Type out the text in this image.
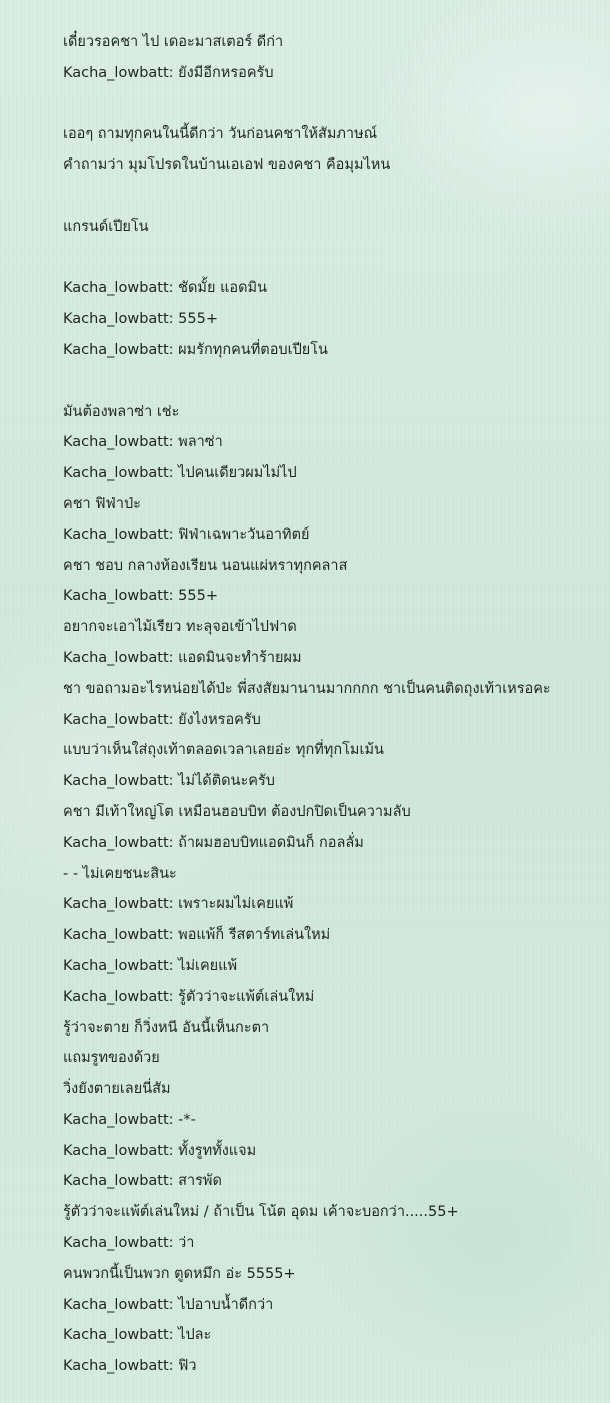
เดี๋ยวรอคชา ไป เดอะมาสเตอร์ ดีก่า
Kacha_lowbatt: ยังมีอีกหรอครับ
เออๆ ถามทุกคนในนี้ดีกว่า วันก่อนคชาให้สัมภาษณ์
คำถามว่า มุมโปรดในบ้านเอเอฟ ของคชา คือมุมไหน
แกรนด์เปียโน
Kacha_lowbatt: ชัดมั้ย แอดมิน
Kacha_lowbatt: 555+
Kacha_lowbatt: ผมรักทุกคนที่ตอบเปียโน
มันต้องพลาซ่า เช่ะ
Kacha_lowbatt: พลาซ่า
Kacha_lowbatt: ไปคนเดียวผมไม่ไป
คชา ฟิฟ่าป่ะ
Kacha_lowbatt: ฟิฟ่าเฉพาะวันอาทิตย์
คชา ชอบ กลางห้องเรียน นอนแผ่หราทุกคลาส
Kacha_lowbatt: 555+
อยากจะเอาไม้เรียว ทะลุจอเข้าไปฟาด
Kacha_lowbatt: แอดมินจะทำร้ายผม
ชา ขอถามอะไรหน่อยได้ป่ะ พี่สงสัยมานานมากกกก ชาเป็นคนติดถุงเท้าเหรอคะ
Kacha_lowbatt: ยังไงหรอครับ
แบบว่าเห็นใส่ถุงเท้าตลอดเวลาเลยอ่ะ ทุกที่ทุกโมเม้น
Kacha_lowbatt: ไม่ได้ติดนะครับ
คชา มีเท้าใหญ่โต เหมือนฮอบบิท ต้องปกปิดเป็นความลับ
Kacha_lowbatt: ถ้าผมฮอบบิทแอดมินก็ กอลลั่ม
- - ไม่เคยชนะสินะ
Kacha_lowbatt: เพราะผมไม่เคยแพ้
Kacha_lowbatt: พอแพ้ก็ รีสตาร์ทเล่นใหม่
Kacha_lowbatt: ไม่เคยแพ้
Kacha_lowbatt: รู้ตัวว่าจะแพ้ต์เล่นใหม่
รู้ว่าจะตาย ก็วิ่งหนี อันนี้เห็นกะตา
แถมรูทของด้วย
วิ่งยังตายเลยนี่สัม
Kacha_lowbatt: -*-
Kacha_lowbatt: ทั้งรูททั้งแจม
Kacha_lowbatt: สารพัด
รู้ตัวว่าจะแพ้ต์เล่นใหม่ / ถ้าเป็น โน้ต อุดม เค้าจะบอกว่า.....55+
Kacha_lowbatt: ว่า
คนพวกนี้เป็นพวก ตูดหมึก อ่ะ 5555+
Kacha_lowbatt: ไปอาบน้ำดีกว่า
Kacha_lowbatt: ไปละ
Kacha_lowbatt: ฟิว
